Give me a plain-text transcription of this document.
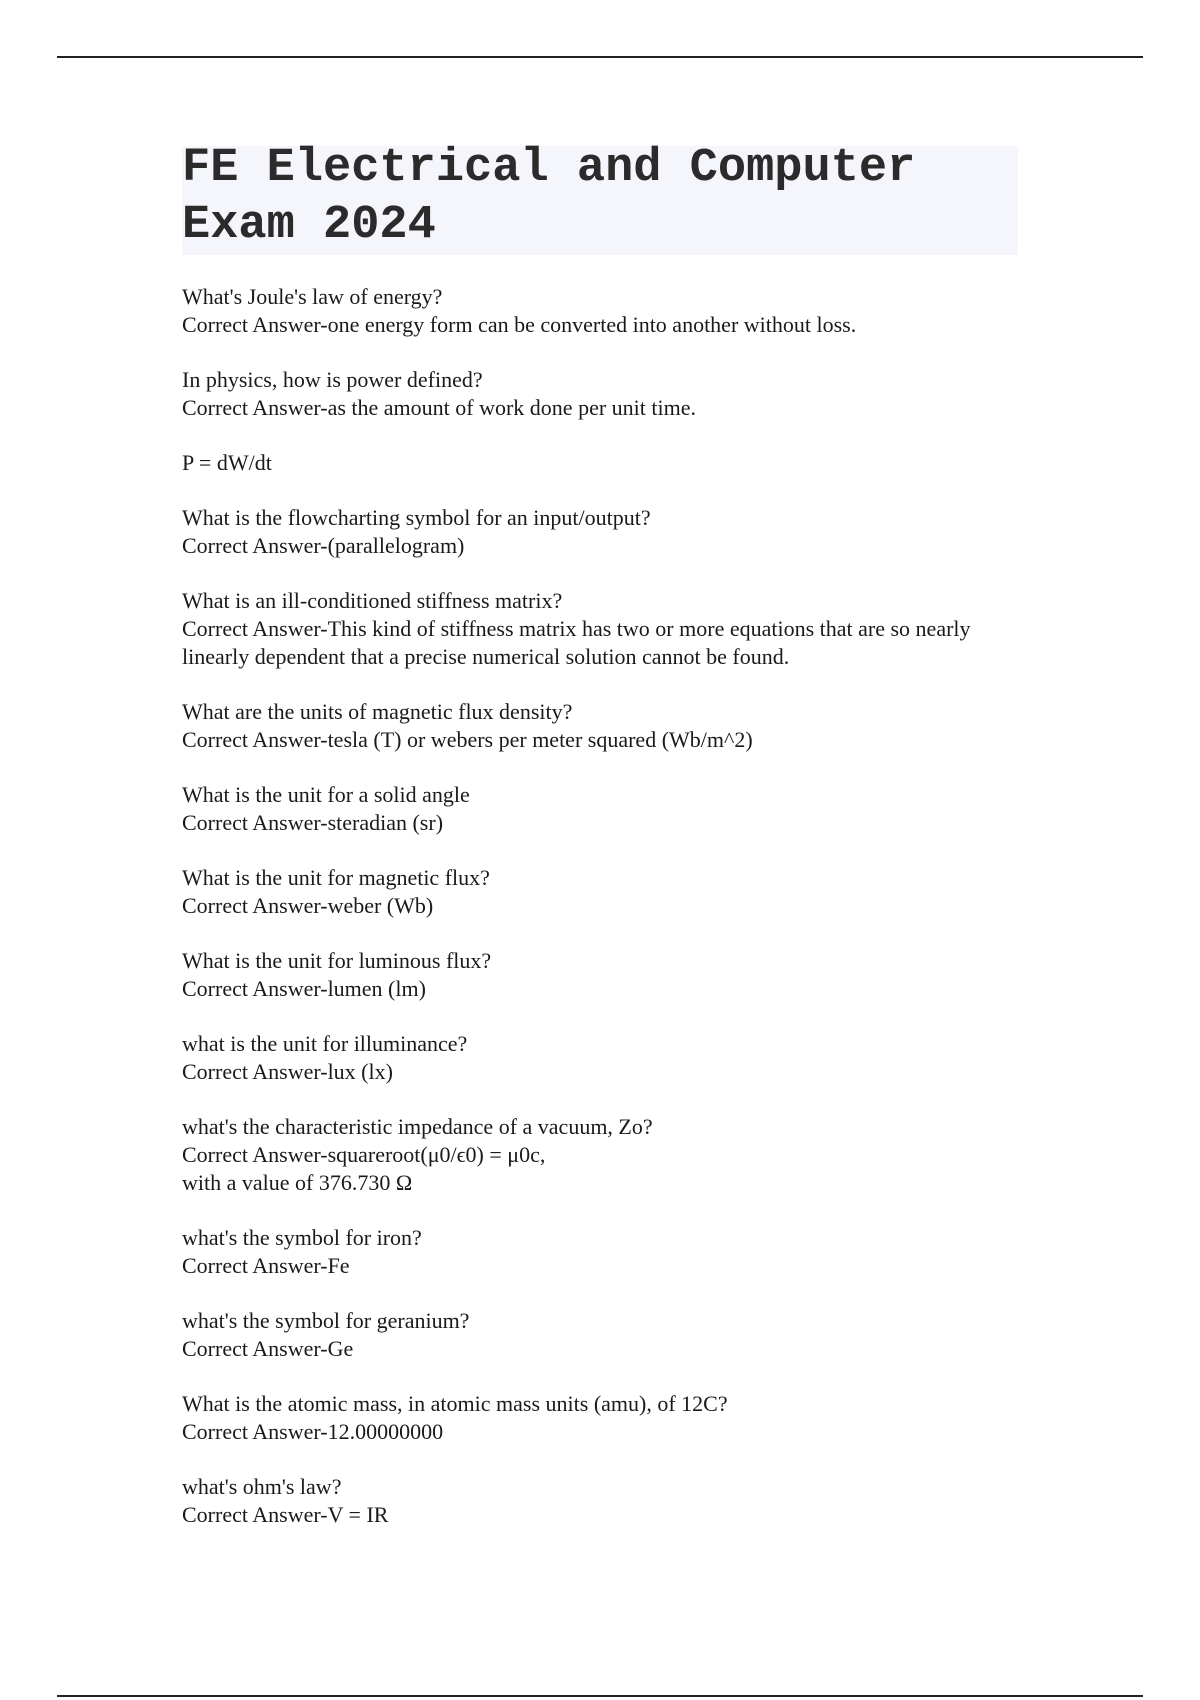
FE Electrical and Computer Exam 2024
What's Joule's law of energy?
Correct Answer-one energy form can be converted into another without loss.
In physics, how is power defined?
Correct Answer-as the amount of work done per unit time.
P = dW/dt
What is the flowcharting symbol for an input/output?
Correct Answer-(parallelogram)
What is an ill-conditioned stiffness matrix?
Correct Answer-This kind of stiffness matrix has two or more equations that are so nearly linearly dependent that a precise numerical solution cannot be found.
What are the units of magnetic flux density?
Correct Answer-tesla (T) or webers per meter squared (Wb/m^2)
What is the unit for a solid angle
Correct Answer-steradian (sr)
What is the unit for magnetic flux?
Correct Answer-weber (Wb)
What is the unit for luminous flux?
Correct Answer-lumen (lm)
what is the unit for illuminance?
Correct Answer-lux (lx)
what's the characteristic impedance of a vacuum, Zo?
Correct Answer-squareroot(μ0/ϵ0) = μ0c,
with a value of 376.730 Ω
what's the symbol for iron?
Correct Answer-Fe
what's the symbol for geranium?
Correct Answer-Ge
What is the atomic mass, in atomic mass units (amu), of 12C?
Correct Answer-12.00000000
what's ohm's law?
Correct Answer-V = IR
